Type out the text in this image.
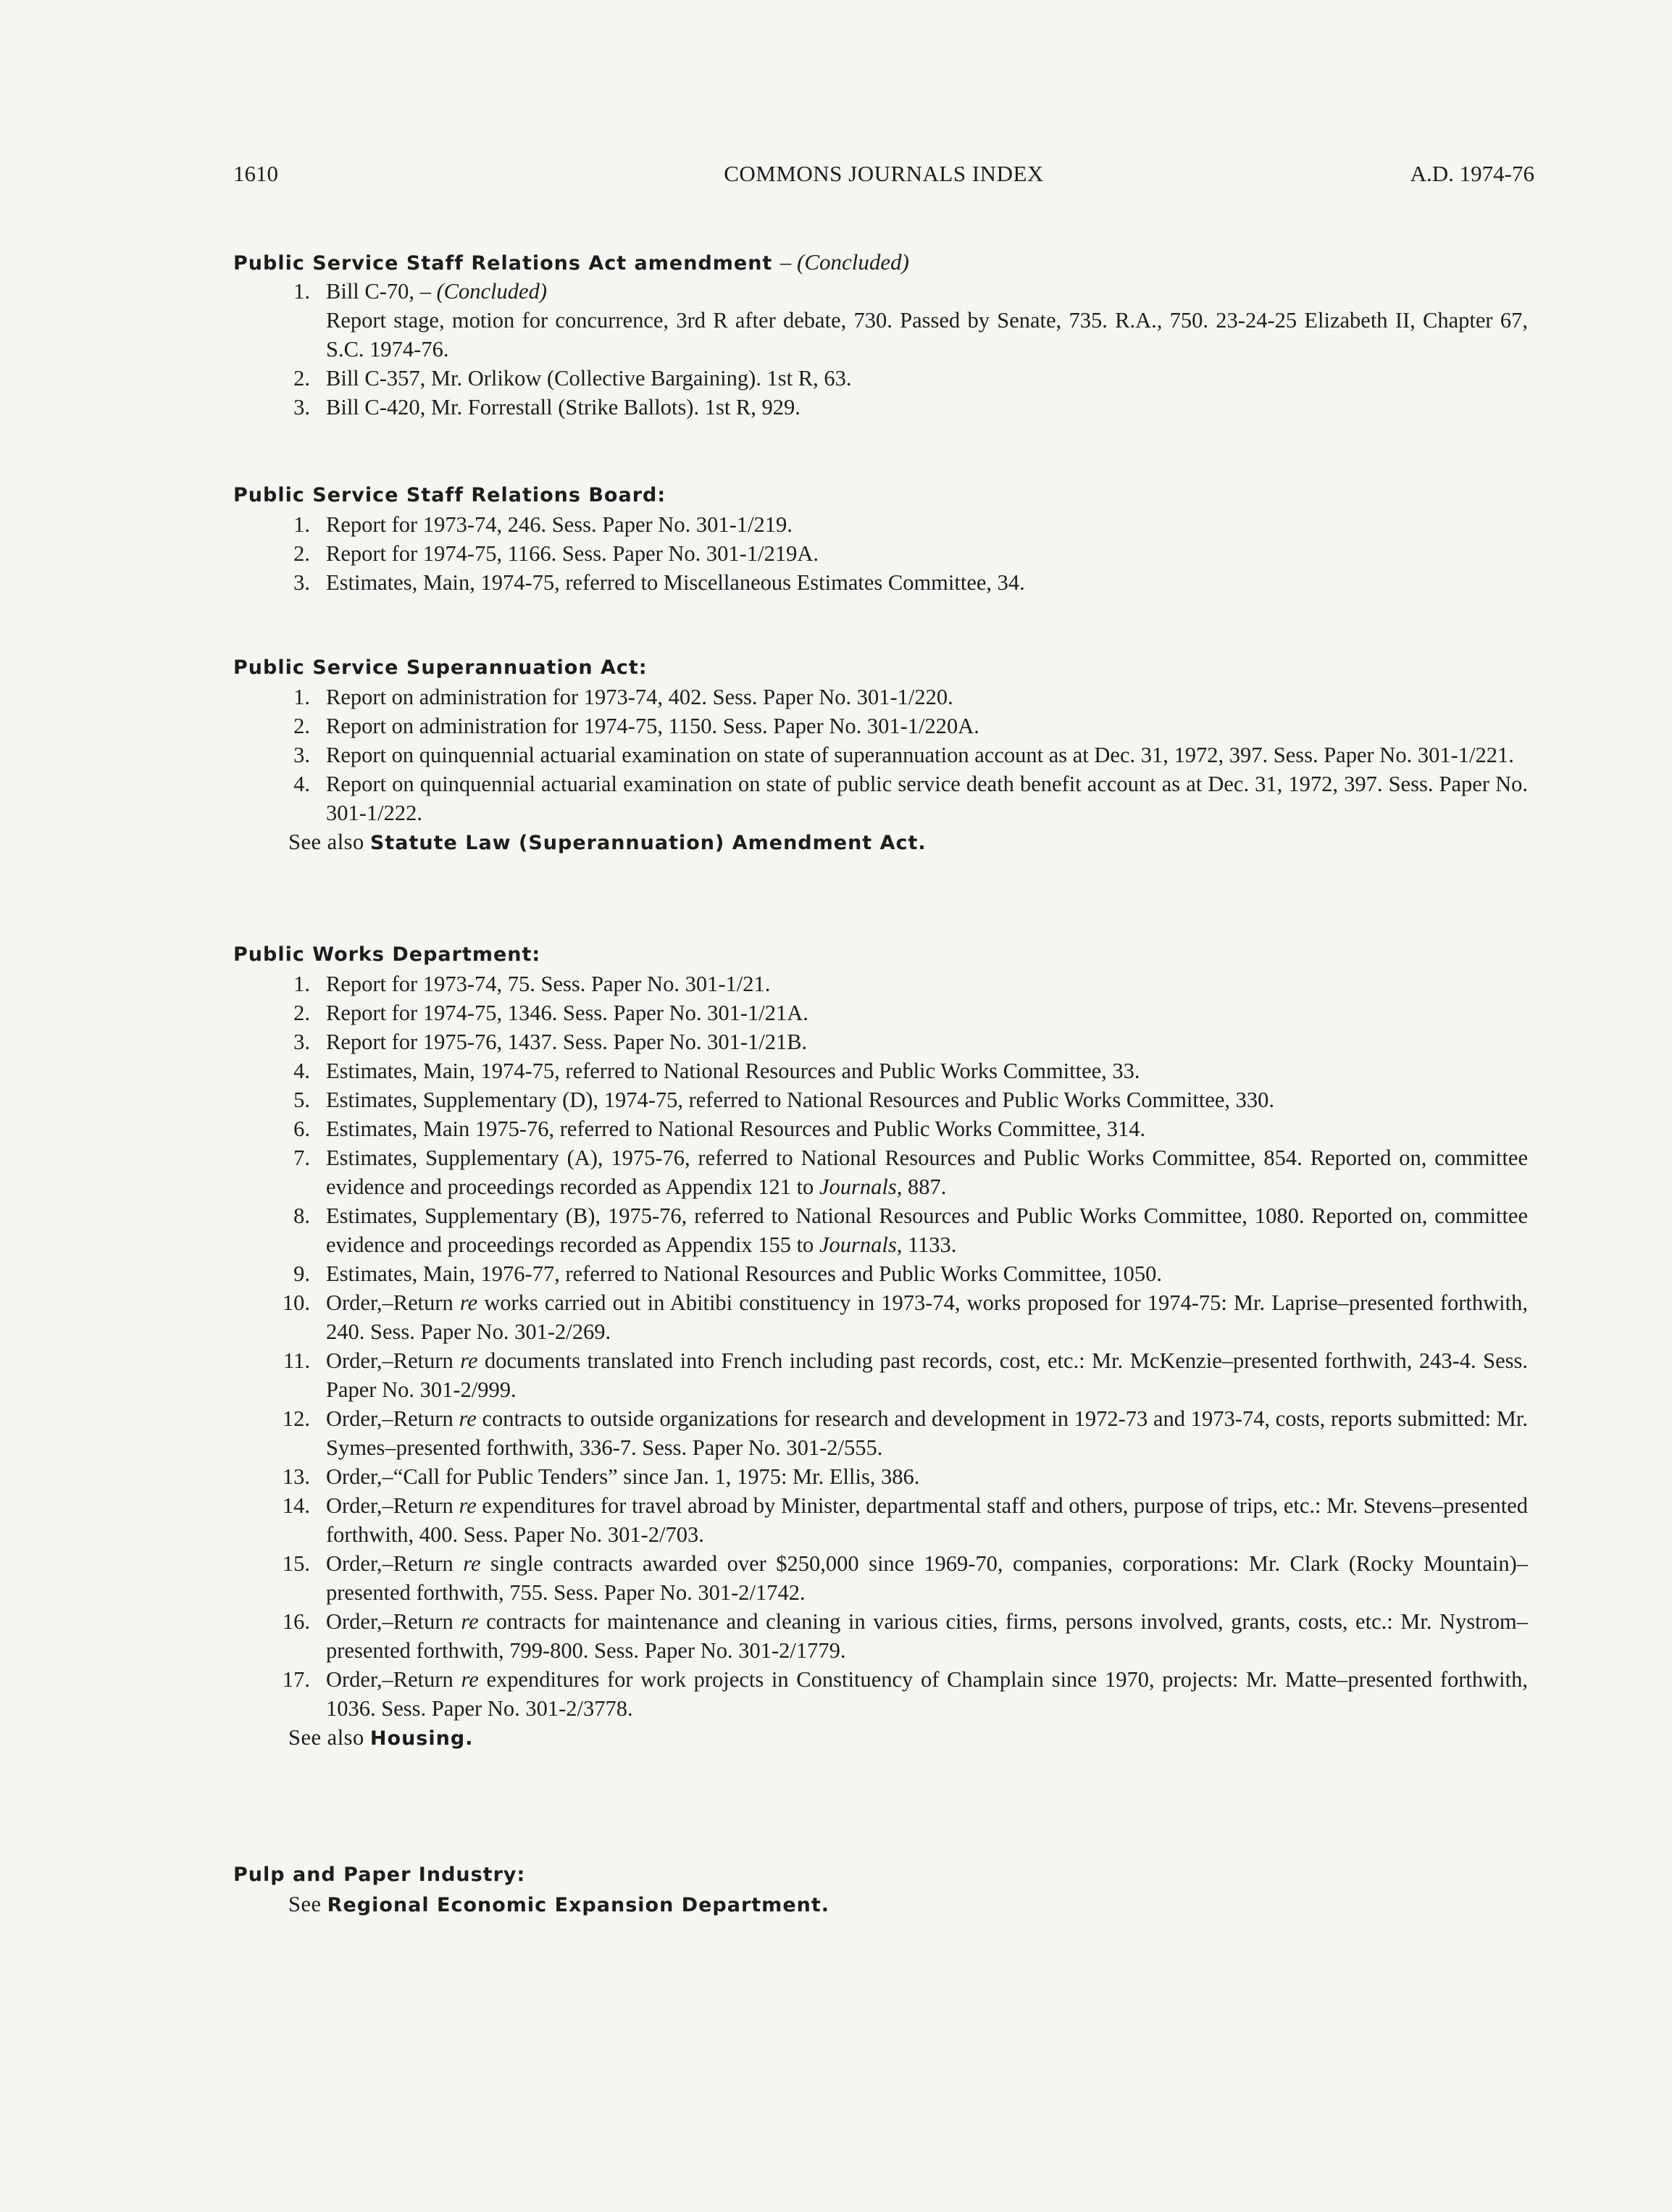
1610	COMMONS JOURNALS INDEX	A.D. 1974-76
Public Service Staff Relations Act amendment – (Concluded)
1. Bill C-70, – (Concluded)
Report stage, motion for concurrence, 3rd R after debate, 730. Passed by Senate, 735. R.A., 750. 23-24-25 Elizabeth II, Chapter 67, S.C. 1974-76.
2. Bill C-357, Mr. Orlikow (Collective Bargaining). 1st R, 63.
3. Bill C-420, Mr. Forrestall (Strike Ballots). 1st R, 929.
Public Service Staff Relations Board:
1. Report for 1973-74, 246. Sess. Paper No. 301-1/219.
2. Report for 1974-75, 1166. Sess. Paper No. 301-1/219A.
3. Estimates, Main, 1974-75, referred to Miscellaneous Estimates Committee, 34.
Public Service Superannuation Act:
1. Report on administration for 1973-74, 402. Sess. Paper No. 301-1/220.
2. Report on administration for 1974-75, 1150. Sess. Paper No. 301-1/220A.
3. Report on quinquennial actuarial examination on state of superannuation account as at Dec. 31, 1972, 397. Sess. Paper No. 301-1/221.
4. Report on quinquennial actuarial examination on state of public service death benefit account as at Dec. 31, 1972, 397. Sess. Paper No. 301-1/222.
See also Statute Law (Superannuation) Amendment Act.
Public Works Department:
1. Report for 1973-74, 75. Sess. Paper No. 301-1/21.
2. Report for 1974-75, 1346. Sess. Paper No. 301-1/21A.
3. Report for 1975-76, 1437. Sess. Paper No. 301-1/21B.
4. Estimates, Main, 1974-75, referred to National Resources and Public Works Committee, 33.
5. Estimates, Supplementary (D), 1974-75, referred to National Resources and Public Works Committee, 330.
6. Estimates, Main 1975-76, referred to National Resources and Public Works Committee, 314.
7. Estimates, Supplementary (A), 1975-76, referred to National Resources and Public Works Committee, 854. Reported on, committee evidence and proceedings recorded as Appendix 121 to Journals, 887.
8. Estimates, Supplementary (B), 1975-76, referred to National Resources and Public Works Committee, 1080. Reported on, committee evidence and proceedings recorded as Appendix 155 to Journals, 1133.
9. Estimates, Main, 1976-77, referred to National Resources and Public Works Committee, 1050.
10. Order,–Return re works carried out in Abitibi constituency in 1973-74, works proposed for 1974-75: Mr. Laprise–presented forthwith, 240. Sess. Paper No. 301-2/269.
11. Order,–Return re documents translated into French including past records, cost, etc.: Mr. McKenzie–presented forthwith, 243-4. Sess. Paper No. 301-2/999.
12. Order,–Return re contracts to outside organizations for research and development in 1972-73 and 1973-74, costs, reports submitted: Mr. Symes–presented forthwith, 336-7. Sess. Paper No. 301-2/555.
13. Order,–“Call for Public Tenders” since Jan. 1, 1975: Mr. Ellis, 386.
14. Order,–Return re expenditures for travel abroad by Minister, departmental staff and others, purpose of trips, etc.: Mr. Stevens–presented forthwith, 400. Sess. Paper No. 301-2/703.
15. Order,–Return re single contracts awarded over $250,000 since 1969-70, companies, corporations: Mr. Clark (Rocky Mountain)–presented forthwith, 755. Sess. Paper No. 301-2/1742.
16. Order,–Return re contracts for maintenance and cleaning in various cities, firms, persons involved, grants, costs, etc.: Mr. Nystrom–presented forthwith, 799-800. Sess. Paper No. 301-2/1779.
17. Order,–Return re expenditures for work projects in Constituency of Champlain since 1970, projects: Mr. Matte–presented forthwith, 1036. Sess. Paper No. 301-2/3778.
See also Housing.
Pulp and Paper Industry:
See Regional Economic Expansion Department.
